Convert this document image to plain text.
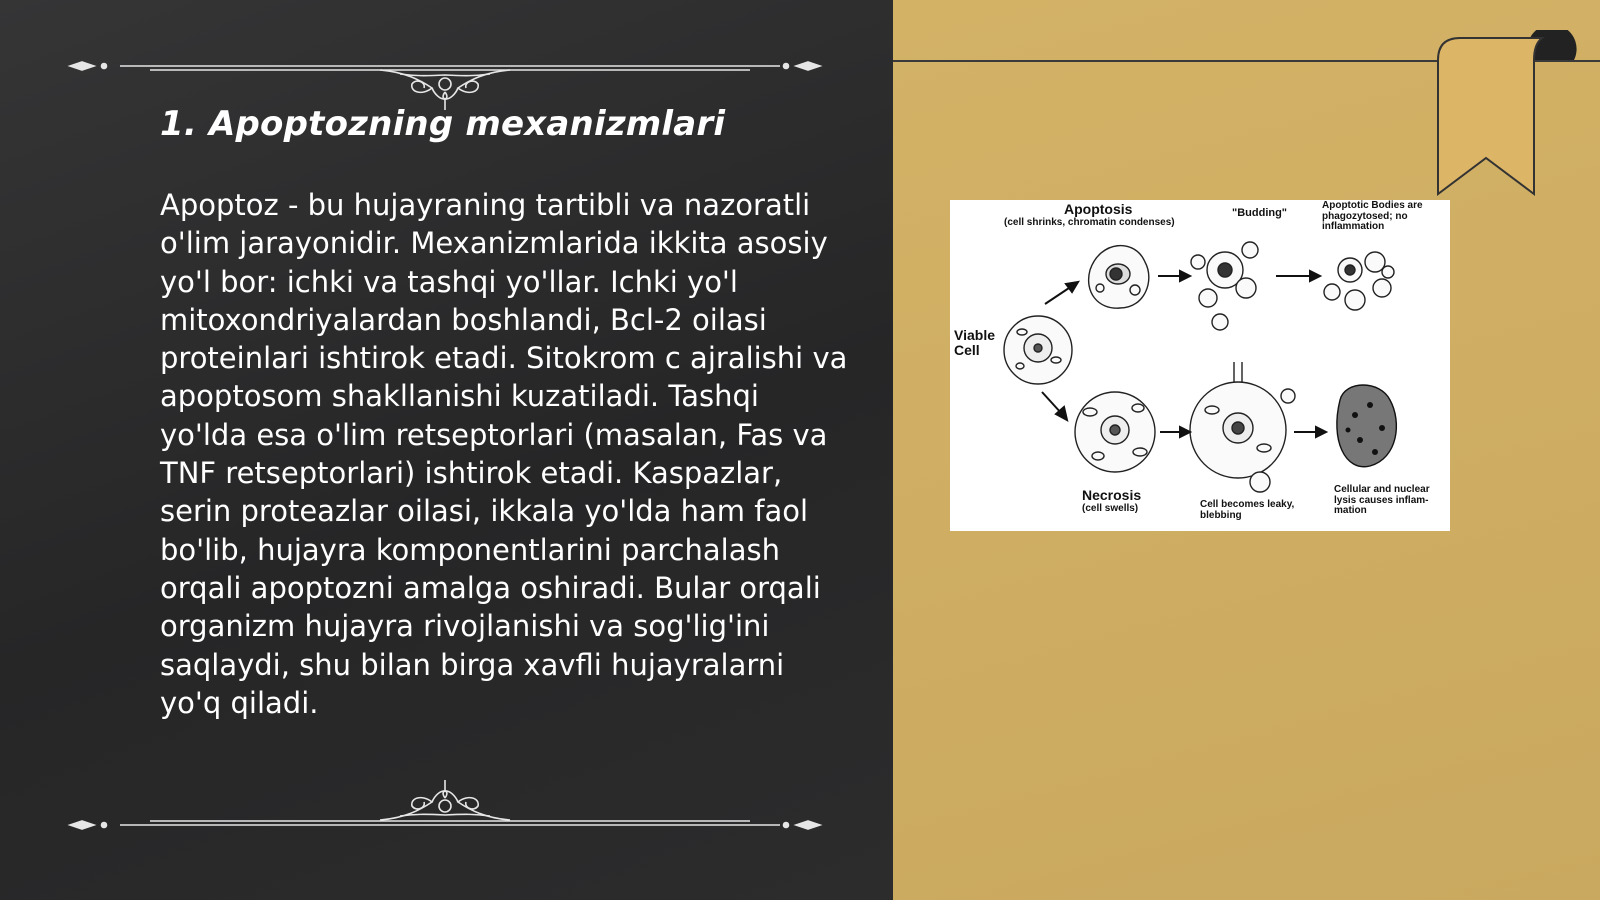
1. Apoptozning mexanizmlari

Apoptoz - bu hujayraning tartibli va nazoratli o'lim jarayonidir. Mexanizmlarida ikkita asosiy yo'l bor: ichki va tashqi yo'llar. Ichki yo'l mitoxondriyalardan boshlandi, Bcl-2 oilasi proteinlari ishtirok etadi. Sitokrom c ajralishi va apoptosom shakllanishi kuzatiladi. Tashqi yo'lda esa o'lim retseptorlari (masalan, Fas va TNF retseptorlari) ishtirok etadi. Kaspazlar, serin proteazlar oilasi, ikkala yo'lda ham faol bo'lib, hujayra komponentlarini parchalash orqali apoptozni amalga oshiradi. Bular orqali organizm hujayra rivojlanishi va sog'lig'ini saqlaydi, shu bilan birga xavfli hujayralarni yo'q qiladi.

Apoptosis
(cell shrinks, chromatin condenses)
"Budding"
Apoptotic Bodies are phagozytosed; no inflammation
Viable Cell
Necrosis
(cell swells)	Cell becomes leaky, blebbing
Cellular and nuclear lysis causes inflam- mation
